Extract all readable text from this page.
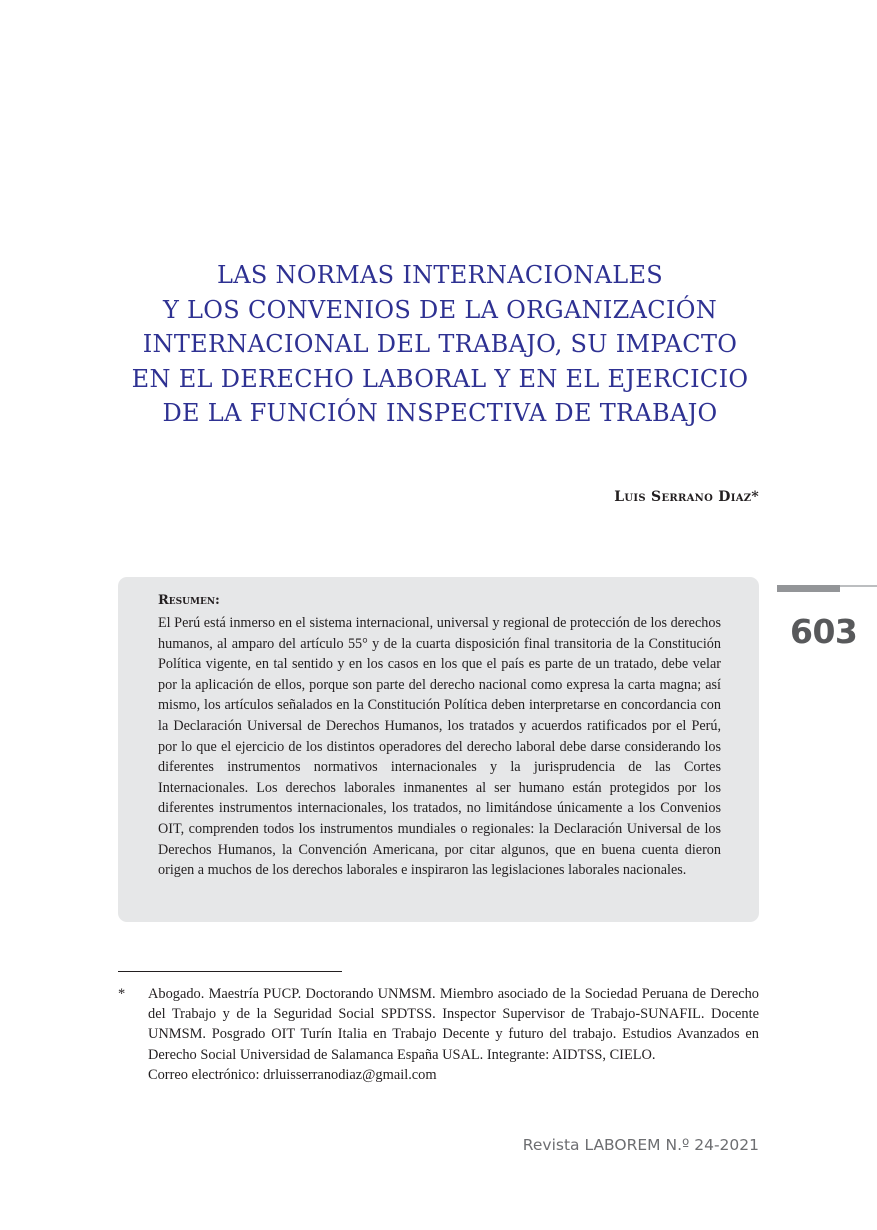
LAS NORMAS INTERNACIONALES
Y LOS CONVENIOS DE LA ORGANIZACIÓN
INTERNACIONAL DEL TRABAJO, SU IMPACTO
EN EL DERECHO LABORAL Y EN EL EJERCICIO
DE LA FUNCIÓN INSPECTIVA DE TRABAJO
Luis Serrano Diaz*

Resumen:

El Perú está inmerso en el sistema internacional, universal y regional de protección de los derechos humanos, al amparo del artículo 55° y de la cuarta disposición final transitoria de la Constitución Política vigente, en tal sentido y en los casos en los que el país es parte de un tratado, debe velar por la aplicación de ellos, porque son parte del derecho nacional como expresa la carta magna; así mismo, los artículos señalados en la Constitución Política deben interpretarse en concordancia con la Declaración Universal de Derechos Humanos, los tratados y acuerdos ratificados por el Perú, por lo que el ejercicio de los distintos operadores del derecho laboral debe darse considerando los diferentes instrumentos normativos internacionales y la jurisprudencia de las Cortes Internacionales. Los derechos laborales inmanentes al ser humano están protegidos por los diferentes instrumentos internacionales, los tratados, no limitándose únicamente a los Convenios OIT, comprenden todos los instrumentos mundiales o regionales: la Declaración Universal de los Derechos Humanos, la Convención Americana, por citar algunos, que en buena cuenta dieron origen a muchos de los derechos laborales e inspiraron las legislaciones laborales nacionales.

603
* Abogado. Maestría PUCP. Doctorando UNMSM. Miembro asociado de la Sociedad Peruana de Derecho del Trabajo y de la Seguridad Social SPDTSS. Inspector Supervisor de Trabajo-SUNAFIL. Docente UNMSM. Posgrado OIT Turín Italia en Trabajo Decente y futuro del trabajo. Estudios Avanzados en Derecho Social Universidad de Salamanca España USAL. Integrante: AIDTSS, CIELO.
Correo electrónico: drluisserranodiaz@gmail.com
Revista LABOREM N.º 24-2021
